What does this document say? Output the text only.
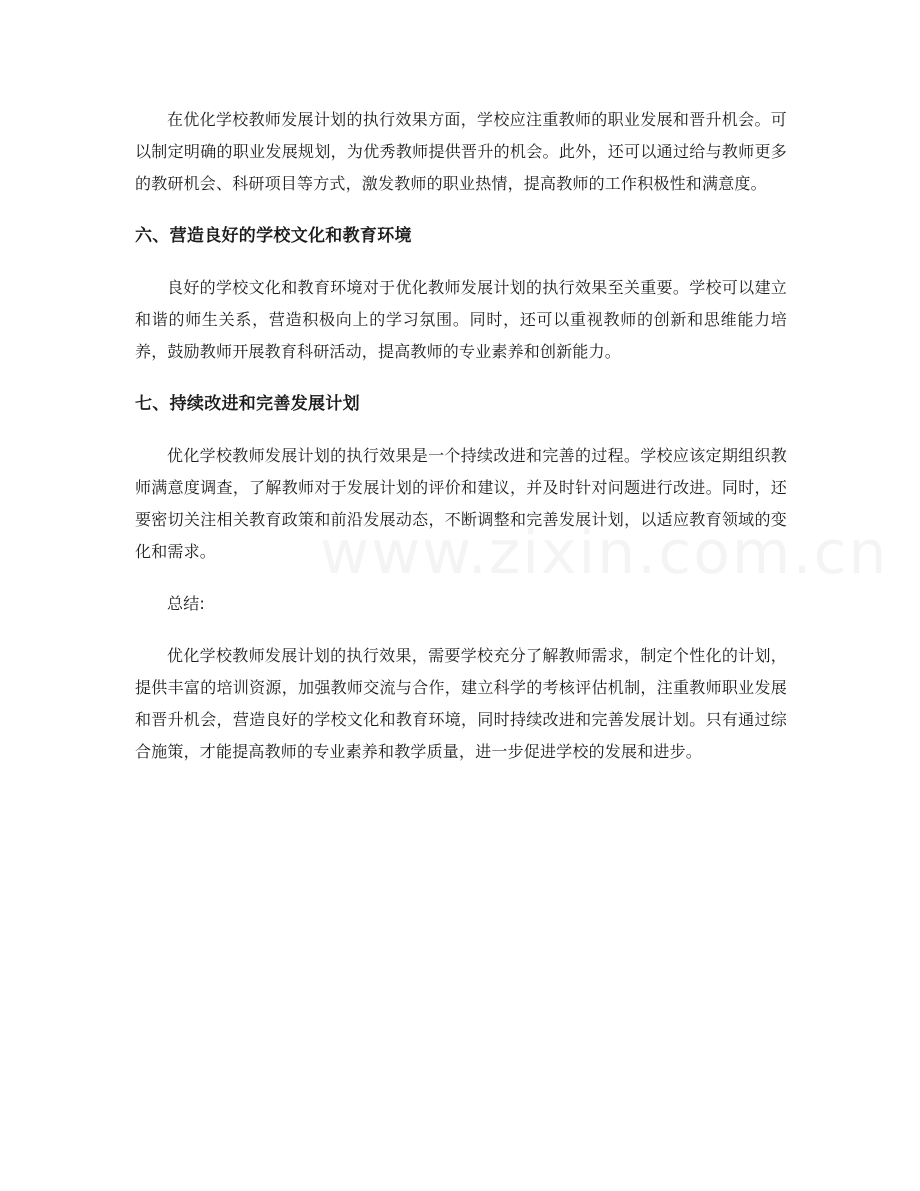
在优化学校教师发展计划的执行效果方面，学校应注重教师的职业发展和晋升机会。可以制定明确的职业发展规划，为优秀教师提供晋升的机会。此外，还可以通过给与教师更多的教研机会、科研项目等方式，激发教师的职业热情，提高教师的工作积极性和满意度。

六、营造良好的学校文化和教育环境

良好的学校文化和教育环境对于优化教师发展计划的执行效果至关重要。学校可以建立和谐的师生关系，营造积极向上的学习氛围。同时，还可以重视教师的创新和思维能力培养，鼓励教师开展教育科研活动，提高教师的专业素养和创新能力。

七、持续改进和完善发展计划

优化学校教师发展计划的执行效果是一个持续改进和完善的过程。学校应该定期组织教师满意度调查，了解教师对于发展计划的评价和建议，并及时针对问题进行改进。同时，还要密切关注相关教育政策和前沿发展动态，不断调整和完善发展计划，以适应教育领域的变化和需求。

总结:

优化学校教师发展计划的执行效果，需要学校充分了解教师需求，制定个性化的计划，提供丰富的培训资源，加强教师交流与合作，建立科学的考核评估机制，注重教师职业发展和晋升机会，营造良好的学校文化和教育环境，同时持续改进和完善发展计划。只有通过综合施策，才能提高教师的专业素养和教学质量，进一步促进学校的发展和进步。
